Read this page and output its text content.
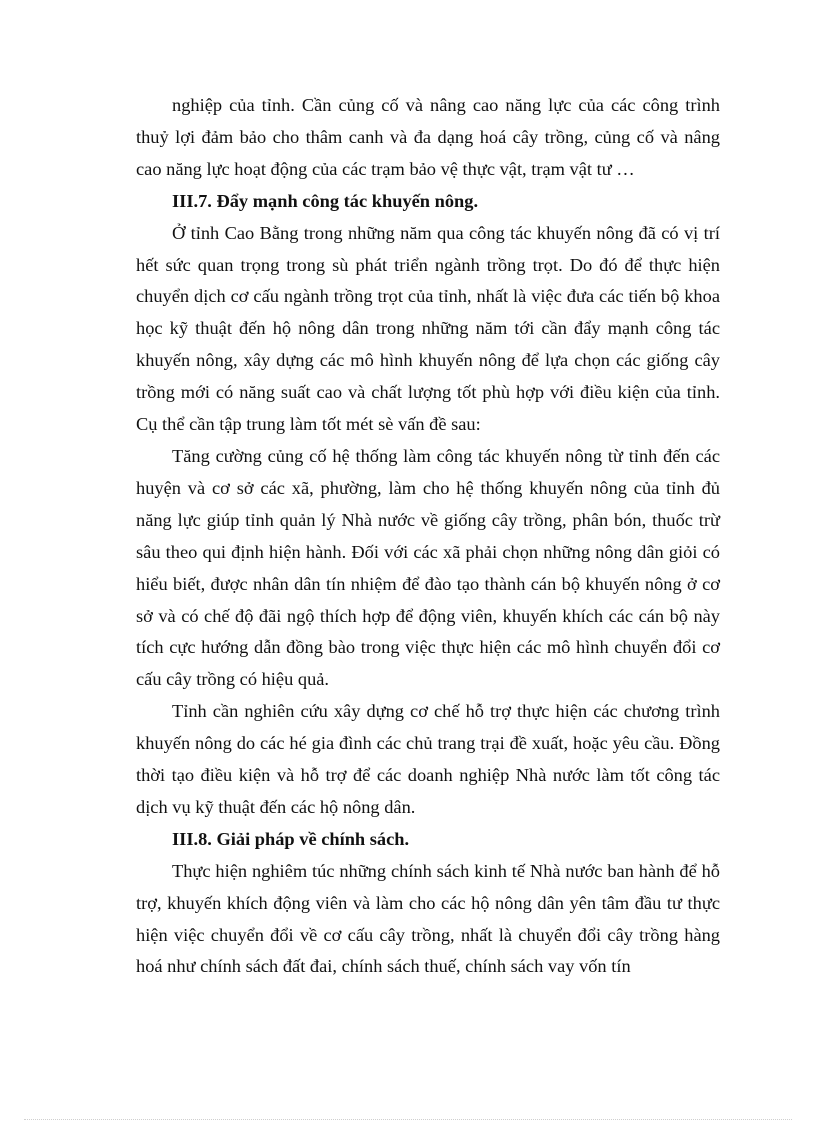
nghiệp của tỉnh. Cần củng cố và nâng cao năng lực của các công trình thuỷ lợi đảm bảo cho thâm canh và đa dạng hoá cây trồng, củng cố và nâng cao năng lực hoạt động của các trạm bảo vệ thực vật, trạm vật tư …

III.7. Đẩy mạnh công tác khuyến nông.

Ở tỉnh Cao Bằng trong những năm qua công tác khuyến nông đã có vị trí hết sức quan trọng trong sù phát triển ngành trồng trọt. Do đó để thực hiện chuyển dịch cơ cấu ngành trồng trọt của tỉnh, nhất là việc đưa các tiến bộ khoa học kỹ thuật đến hộ nông dân trong những năm tới cần đẩy mạnh công tác khuyến nông, xây dựng các mô hình khuyến nông để lựa chọn các giống cây trồng mới có năng suất cao và chất lượng tốt phù hợp với điều kiện của tỉnh. Cụ thể cần tập trung làm tốt mét sè vấn đề sau:

Tăng cường củng cố hệ thống làm công tác khuyến nông từ tỉnh đến các huyện và cơ sở các xã, phường, làm cho hệ thống khuyến nông của tỉnh đủ năng lực giúp tỉnh quản lý Nhà nước về giống cây trồng, phân bón, thuốc trừ sâu theo qui định hiện hành. Đối với các xã phải chọn những nông dân giỏi có hiểu biết, được nhân dân tín nhiệm để đào tạo thành cán bộ khuyến nông ở cơ sở và có chế độ đãi ngộ thích hợp để động viên, khuyến khích các cán bộ này tích cực hướng dẫn đồng bào trong việc thực hiện các mô hình chuyển đổi cơ cấu cây trồng có hiệu quả.

Tỉnh cần nghiên cứu xây dựng cơ chế hỗ trợ thực hiện các chương trình khuyến nông do các hé gia đình các chủ trang trại đề xuất, hoặc yêu cầu. Đồng thời tạo điều kiện và hỗ trợ để các doanh nghiệp Nhà nước làm tốt công tác dịch vụ kỹ thuật đến các hộ nông dân.

III.8. Giải pháp về chính sách.

Thực hiện nghiêm túc những chính sách kinh tế Nhà nước ban hành để hỗ trợ, khuyến khích động viên và làm cho các hộ nông dân yên tâm đầu tư thực hiện việc chuyển đổi về cơ cấu cây trồng, nhất là chuyển đổi cây trồng hàng hoá như chính sách đất đai, chính sách thuế, chính sách vay vốn tín
